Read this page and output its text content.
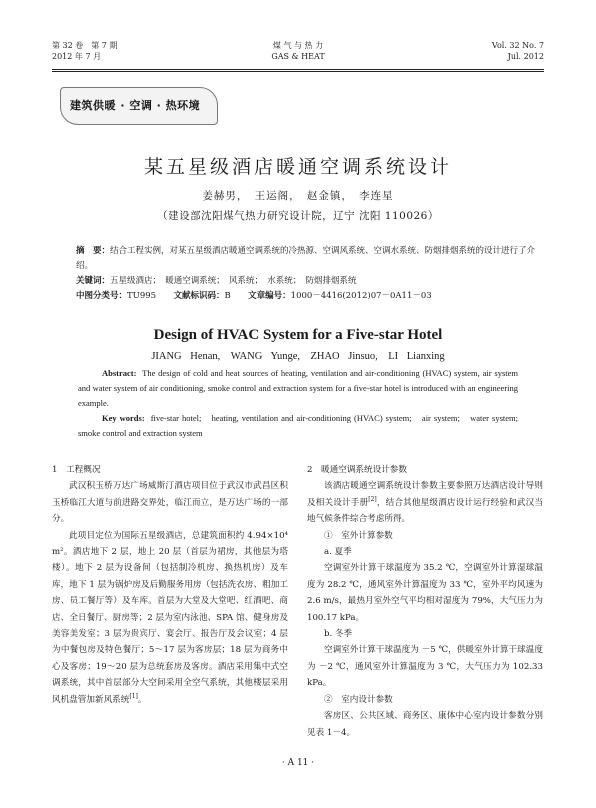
第 32 卷　第 7 期
2012 年 7 月
煤 气 与 热 力
GAS & HEAT
Vol. 32 No. 7
Jul. 2012
建筑供暖 · 空调 · 热环境
某五星级酒店暖通空调系统设计
姜赫男，　王运阁，　赵金镇，　李连星
（建设部沈阳煤气热力研究设计院，辽宁 沈阳 110026）
摘　要：结合工程实例，对某五星级酒店暖通空调系统的冷热源、空调风系统、空调水系统、防烟排烟系统的设计进行了介绍。
关键词：五星级酒店；　暖通空调系统；　风系统；　水系统；　防烟排烟系统
中图分类号：TU995 文献标识码：B 文章编号：1000－4416(2012)07－0A11－03
Design of HVAC System for a Five-star Hotel
JIANG Henan,　WANG Yunge,　ZHAO Jinsuo,　LI Lianxing
Abstract: The design of cold and heat sources of heating, ventilation and air-conditioning (HVAC) system, air system and water system of air conditioning, smoke control and extraction system for a five-star hotel is introduced with an engineering example.
Key words: five-star hotel;　heating, ventilation and air-conditioning (HVAC) system;　air system;　water system;　smoke control and extraction system

1　工程概况

武汉积玉桥万达广场威斯汀酒店项目位于武汉市武昌区积玉桥临江大道与前进路交界处，临江而立，是万达广场的一部分。

此项目定位为国际五星级酒店，总建筑面积约 4.94×10⁴ m²。酒店地下 2 层，地上 20 层（首层为裙房，其他层为塔楼）。地下 2 层为设备间（包括制冷机房、换热机房）及车库，地下 1 层为锅炉房及后勤服务用房（包括洗衣房、粗加工房、员工餐厅等）及车库。首层为大堂及大堂吧、红酒吧、商店、全日餐厅、厨房等；2 层为室内泳池、SPA 馆、健身房及美容美发室；3 层为贵宾厅、宴会厅、报告厅及会议室；4 层为中餐包房及特色餐厅；5～17 层为客房层；18 层为商务中心及客房；19～20 层为总统套房及客房。酒店采用集中式空调系统，其中首层部分大空间采用全空气系统，其他楼层采用风机盘管加新风系统[1]。

2　暖通空调系统设计参数

该酒店暖通空调系统设计参数主要参照万达酒店设计导则及相关设计手册[2]，结合其他星级酒店设计运行经验和武汉当地气候条件综合考虑所得。

①　室外计算参数

a. 夏季

空调室外计算干球温度为 35.2 ℃，空调室外计算湿球温度为 28.2 ℃，通风室外计算温度为 33 ℃，室外平均风速为 2.6 m/s，最热月室外空气平均相对湿度为 79%，大气压力为 100.17 kPa。

b. 冬季

空调室外计算干球温度为 －5 ℃，供暖室外计算干球温度为 －2 ℃，通风室外计算温度为 3 ℃，大气压力为 102.33 kPa。

②　室内设计参数

客房区、公共区域、商务区、康体中心室内设计参数分别见表 1－4。

· A 11 ·
